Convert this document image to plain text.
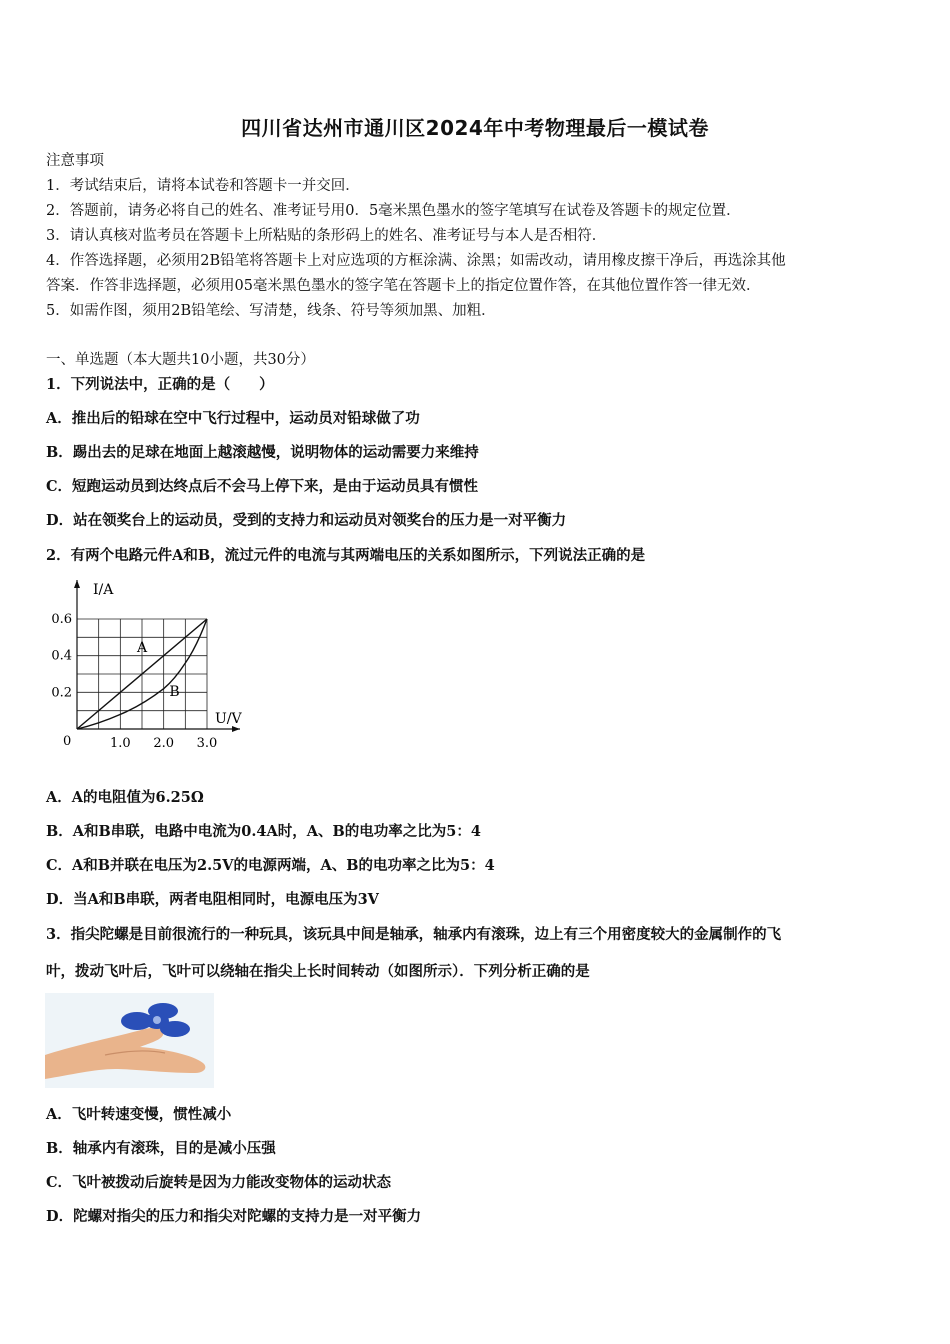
四川省达州市通川区2024年中考物理最后一模试卷
注意事项
1．考试结束后，请将本试卷和答题卡一并交回．
2．答题前，请务必将自己的姓名、准考证号用0．5毫米黑色墨水的签字笔填写在试卷及答题卡的规定位置．
3．请认真核对监考员在答题卡上所粘贴的条形码上的姓名、准考证号与本人是否相符．
4．作答选择题，必须用2B铅笔将答题卡上对应选项的方框涂满、涂黑；如需改动，请用橡皮擦干净后，再选涂其他
答案．作答非选择题，必须用05毫米黑色墨水的签字笔在答题卡上的指定位置作答，在其他位置作答一律无效．
5．如需作图，须用2B铅笔绘、写清楚，线条、符号等须加黑、加粗．
一、单选题（本大题共10小题，共30分）
1．下列说法中，正确的是（　　）
A．推出后的铅球在空中飞行过程中，运动员对铅球做了功
B．踢出去的足球在地面上越滚越慢，说明物体的运动需要力来维持
C．短跑运动员到达终点后不会马上停下来，是由于运动员具有惯性
D．站在领奖台上的运动员，受到的支持力和运动员对领奖台的压力是一对平衡力
2．有两个电路元件A和B，流过元件的电流与其两端电压的关系如图所示，下列说法正确的是
I/A
U/V
0	1.0 2.0 3.0
0.6
0.4
0.2
A
B
A．A的电阻值为6.25Ω
B．A和B串联，电路中电流为0.4A时，A、B的电功率之比为5：4
C．A和B并联在电压为2.5V的电源两端，A、B的电功率之比为5：4
D．当A和B串联，两者电阻相同时，电源电压为3V
3．指尖陀螺是目前很流行的一种玩具，该玩具中间是轴承，轴承内有滚珠，边上有三个用密度较大的金属制作的飞
叶，拨动飞叶后，飞叶可以绕轴在指尖上长时间转动（如图所示）．下列分析正确的是
A．飞叶转速变慢，惯性减小
B．轴承内有滚珠，目的是减小压强
C．飞叶被拨动后旋转是因为力能改变物体的运动状态
D．陀螺对指尖的压力和指尖对陀螺的支持力是一对平衡力
